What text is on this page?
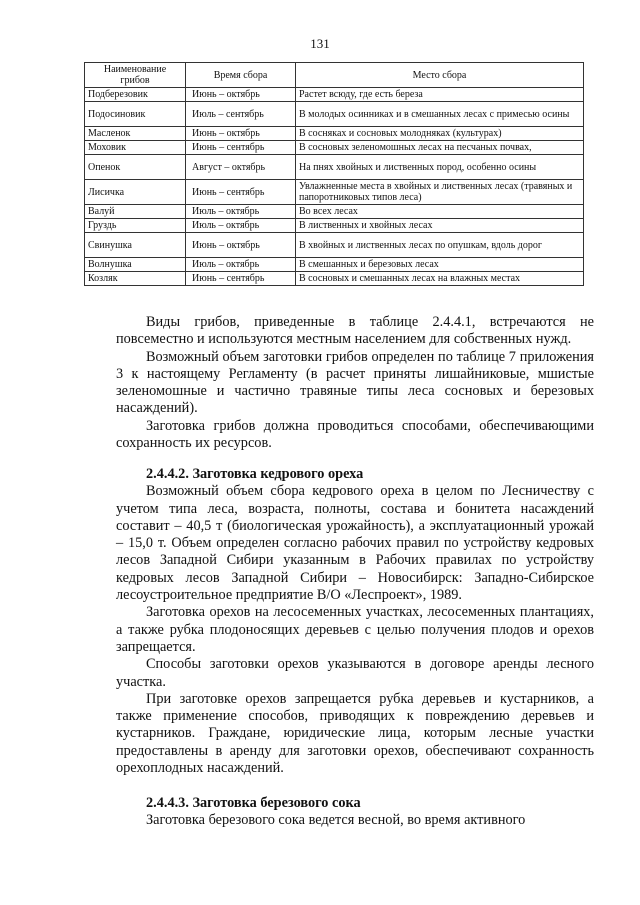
131
Наименование грибов	Время сбора	Место сбора
Подберезовик	Июнь – октябрь	Растет всюду, где есть береза
Подосиновик	Июль – сентябрь	В молодых осинниках и в смешанных лесах с примесью осины
Масленок	Июнь – октябрь	В сосняках и сосновых молодняках (культурах)
Моховик	Июнь – сентябрь	В сосновых зеленомошных лесах на песчаных почвах,
Опенок	Август – октябрь	На пнях хвойных и лиственных пород, особенно осины
Лисичка	Июнь – сентябрь	Увлажненные места в хвойных и лиственных лесах (травяных и папоротниковых типов леса)
Валуй	Июль – октябрь	Во всех лесах
Груздь	Июль – октябрь	В лиственных и хвойных лесах
Свинушка	Июнь – октябрь	В хвойных и лиственных лесах по опушкам, вдоль дорог
Волнушка	Июль – октябрь	В смешанных и березовых лесах
Козляк	Июнь – сентябрь	В сосновых и смешанных лесах на влажных местах

Виды грибов, приведенные в таблице 2.4.4.1, встречаются не повсеместно и используются местным населением для собственных нужд.

Возможный объем заготовки грибов определен по таблице 7 приложения 3 к настоящему Регламенту (в расчет приняты лишайниковые, мшистые зеленомошные и частично травяные типы леса сосновых и березовых насаждений).

Заготовка грибов должна проводиться способами, обеспечивающими сохранность их ресурсов.

2.4.4.2. Заготовка кедрового ореха

Возможный объем сбора кедрового ореха в целом по Лесничеству с учетом типа леса, возраста, полноты, состава и бонитета насаждений составит – 40,5 т (биологическая урожайность), а эксплуатационный урожай – 15,0 т. Объем определен согласно рабочих правил по устройству кедровых лесов Западной Сибири указанным в Рабочих правилах по устройству кедровых лесов Западной Сибири – Новосибирск: Западно-Сибирское лесоустроительное предприятие В/О «Леспроект», 1989.

Заготовка орехов на лесосеменных участках, лесосеменных плантациях, а также рубка плодоносящих деревьев с целью получения плодов и орехов запрещается.

Способы заготовки орехов указываются в договоре аренды лесного участка.

При заготовке орехов запрещается рубка деревьев и кустарников, а также применение способов, приводящих к повреждению деревьев и кустарников. Граждане, юридические лица, которым лесные участки предоставлены в аренду для заготовки орехов, обеспечивают сохранность орехоплодных насаждений.

2.4.4.3. Заготовка березового сока

Заготовка березового сока ведется весной, во время активного
